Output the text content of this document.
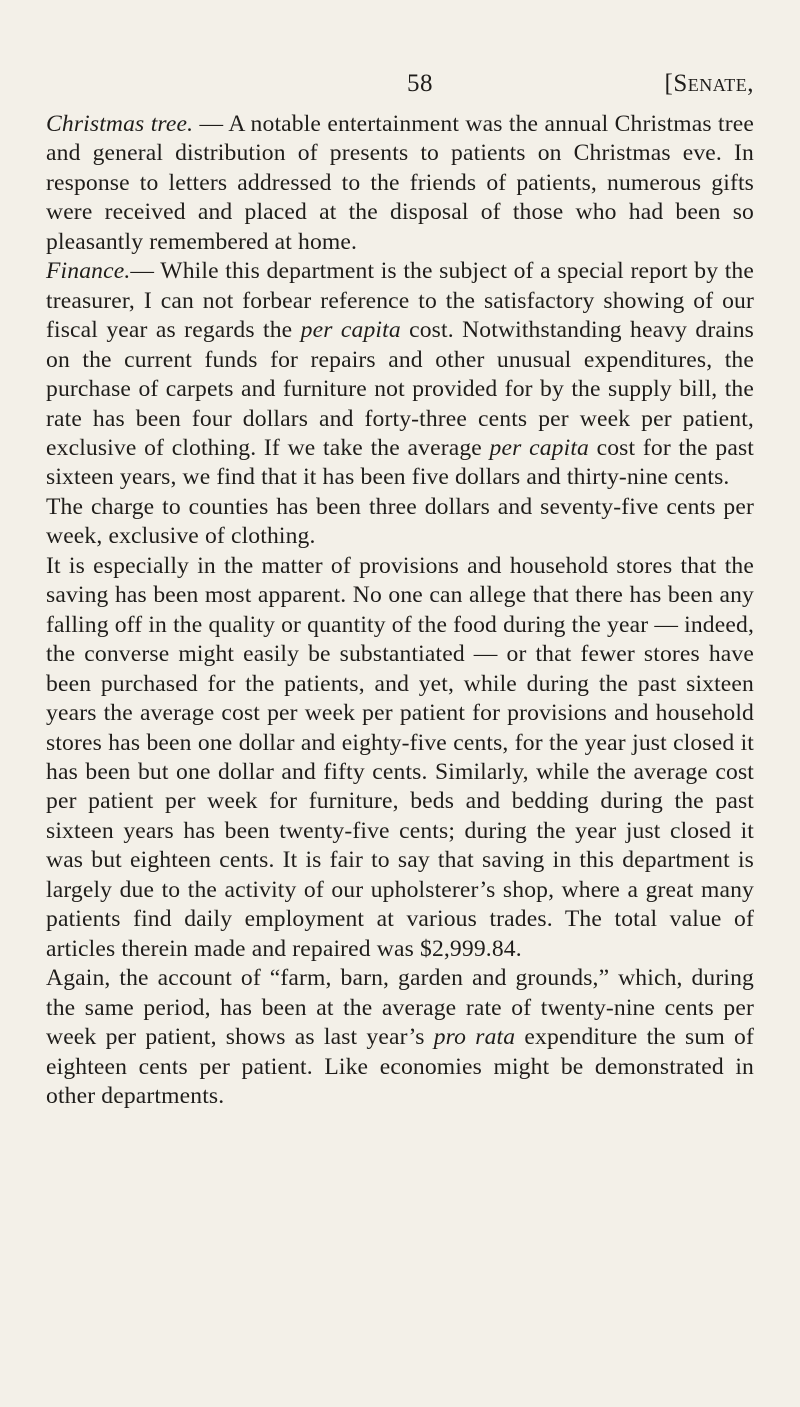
58	[Senate,

Christmas tree. — A notable entertainment was the annual Christmas tree and general distribution of presents to patients on Christmas eve. In response to letters addressed to the friends of patients, numerous gifts were received and placed at the disposal of those who had been so pleasantly remembered at home.

Finance.— While this department is the subject of a special report by the treasurer, I can not forbear reference to the satisfactory showing of our fiscal year as regards the per capita cost. Notwithstanding heavy drains on the current funds for repairs and other unusual expenditures, the purchase of carpets and furniture not provided for by the supply bill, the rate has been four dollars and forty-three cents per week per patient, exclusive of clothing. If we take the average per capita cost for the past sixteen years, we find that it has been five dollars and thirty-nine cents.

The charge to counties has been three dollars and seventy-five cents per week, exclusive of clothing.

It is especially in the matter of provisions and household stores that the saving has been most apparent. No one can allege that there has been any falling off in the quality or quantity of the food during the year — indeed, the converse might easily be substantiated — or that fewer stores have been purchased for the patients, and yet, while during the past sixteen years the average cost per week per patient for provisions and household stores has been one dollar and eighty-five cents, for the year just closed it has been but one dollar and fifty cents. Similarly, while the average cost per patient per week for furniture, beds and bedding during the past sixteen years has been twenty-five cents; during the year just closed it was but eighteen cents. It is fair to say that saving in this department is largely due to the activity of our upholsterer’s shop, where a great many patients find daily employment at various trades. The total value of articles therein made and repaired was $2,999.84.

Again, the account of “farm, barn, garden and grounds,” which, during the same period, has been at the average rate of twenty-nine cents per week per patient, shows as last year’s pro rata expenditure the sum of eighteen cents per patient. Like economies might be demonstrated in other departments.
